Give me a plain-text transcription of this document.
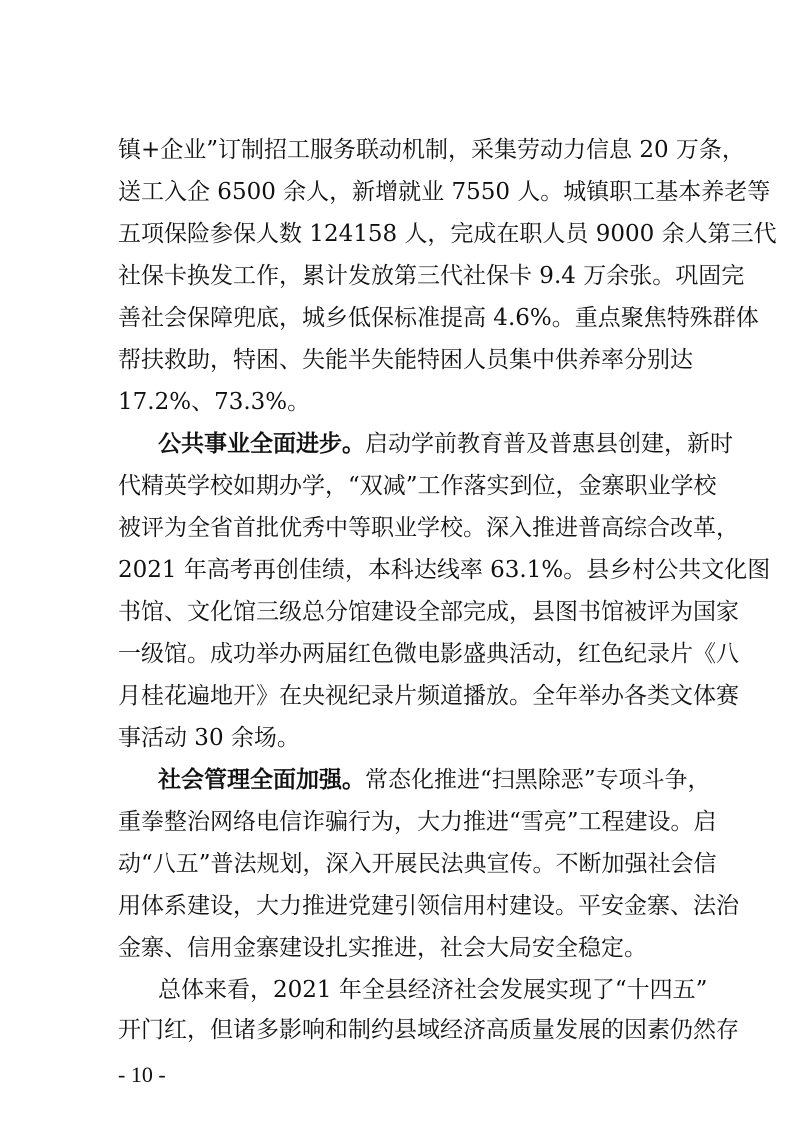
镇+企业”订制招工服务联动机制，采集劳动力信息 20 万条，
送工入企 6500 余人，新增就业 7550 人。城镇职工基本养老等
五项保险参保人数 124158 人，完成在职人员 9000 余人第三代
社保卡换发工作，累计发放第三代社保卡 9.4 万余张。巩固完
善社会保障兜底，城乡低保标准提高 4.6%。重点聚焦特殊群体
帮扶救助，特困、失能半失能特困人员集中供养率分别达
17.2%、73.3%。
公共事业全面进步。启动学前教育普及普惠县创建，新时
代精英学校如期办学，“双减”工作落实到位，金寨职业学校
被评为全省首批优秀中等职业学校。深入推进普高综合改革，
2021 年高考再创佳绩，本科达线率 63.1%。县乡村公共文化图
书馆、文化馆三级总分馆建设全部完成，县图书馆被评为国家
一级馆。成功举办两届红色微电影盛典活动，红色纪录片《八
月桂花遍地开》在央视纪录片频道播放。全年举办各类文体赛
事活动 30 余场。
社会管理全面加强。常态化推进“扫黑除恶”专项斗争，
重拳整治网络电信诈骗行为，大力推进“雪亮”工程建设。启
动“八五”普法规划，深入开展民法典宣传。不断加强社会信
用体系建设，大力推进党建引领信用村建设。平安金寨、法治
金寨、信用金寨建设扎实推进，社会大局安全稳定。
总体来看，2021 年全县经济社会发展实现了“十四五”
开门红，但诸多影响和制约县域经济高质量发展的因素仍然存
- 10 -
